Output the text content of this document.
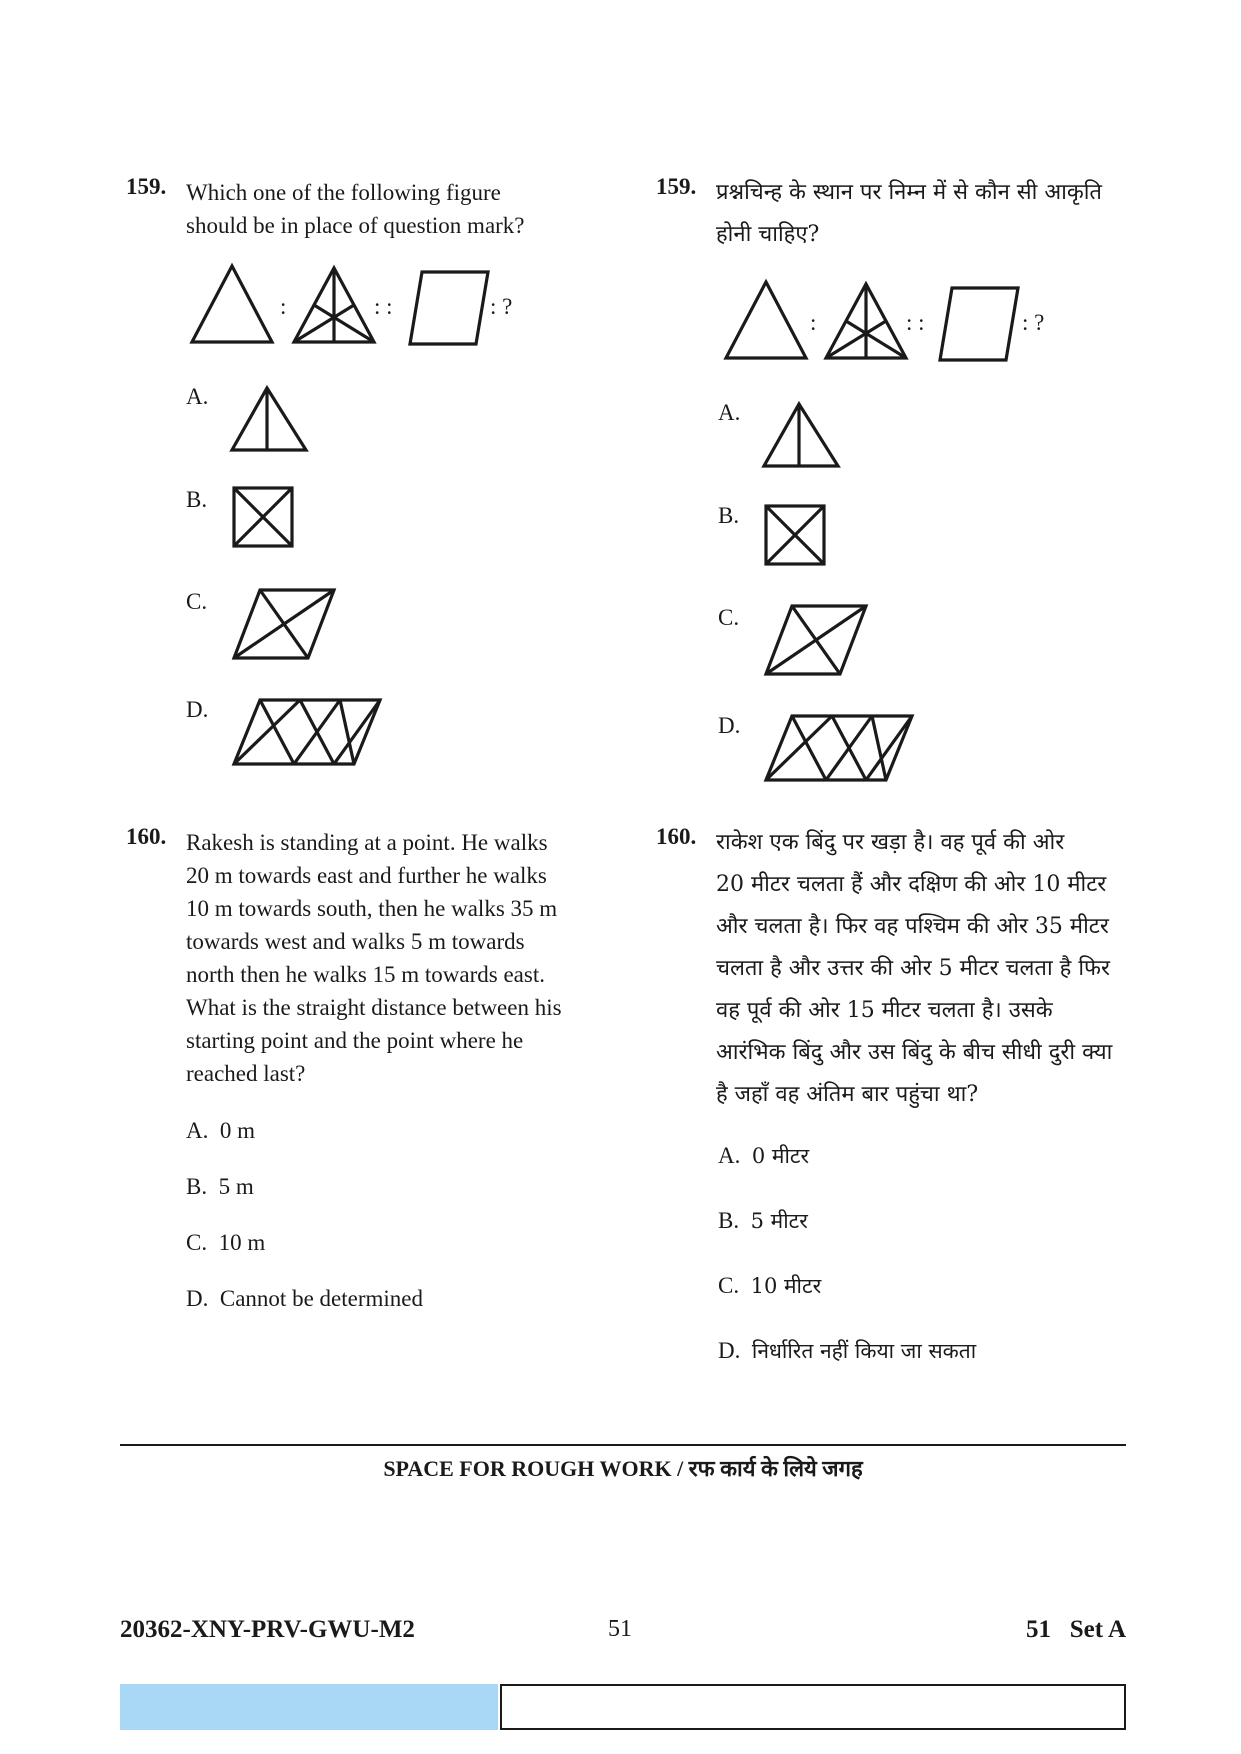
159. Which one of the following figure
should be in place of question mark?
:	: :	: ?
A.
B.
C.
D.
159. प्रश्नचिन्ह के स्थान पर निम्न में से कौन सी आकृति
होनी चाहिए?
:	: :	: ?
A.
B.
C.
D.
160. Rakesh is standing at a point. He walks
20 m towards east and further he walks
10 m towards south, then he walks 35 m
towards west and walks 5 m towards
north then he walks 15 m towards east.
What is the straight distance between his
starting point and the point where he
reached last?
A. 0 m
B. 5 m
C. 10 m
D. Cannot be determined
160. राकेश एक बिंदु पर खड़ा है। वह पूर्व की ओर
20 मीटर चलता हैं और दक्षिण की ओर 10 मीटर
और चलता है। फिर वह पश्चिम की ओर 35 मीटर
चलता है और उत्तर की ओर 5 मीटर चलता है फिर
वह पूर्व की ओर 15 मीटर चलता है। उसके
आरंभिक बिंदु और उस बिंदु के बीच सीधी दुरी क्या
है जहाँ वह अंतिम बार पहुंचा था?
A. 0 मीटर
B. 5 मीटर
C. 10 मीटर
D. निर्धारित नहीं किया जा सकता
SPACE FOR ROUGH WORK / रफ कार्य के लिये जगह
20362-XNY-PRV-GWU-M2	51	51   Set A
